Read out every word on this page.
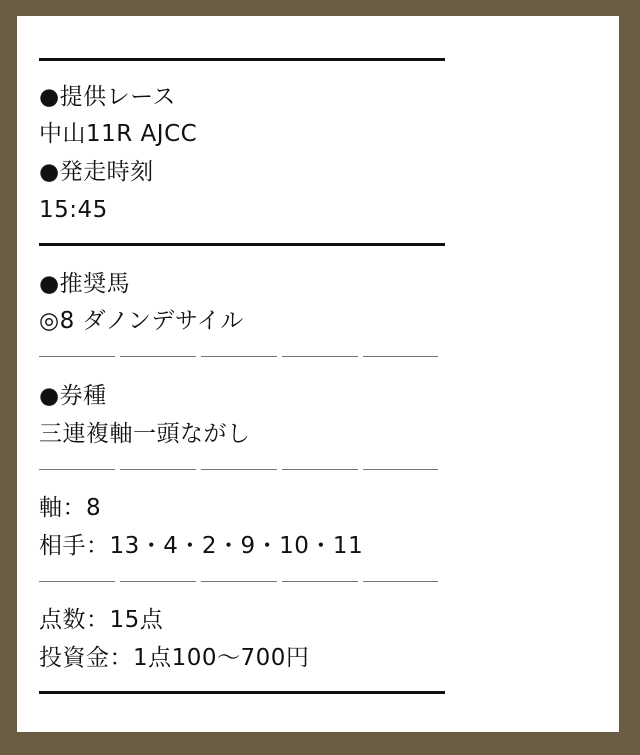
●提供レース
中山11R AJCC
●発走時刻
15:45
●推奨馬
◎8 ダノンデサイル
●券種
三連複軸一頭ながし
軸：8
相手：13・4・2・9・10・11
点数：15点
投資金：1点100〜700円
